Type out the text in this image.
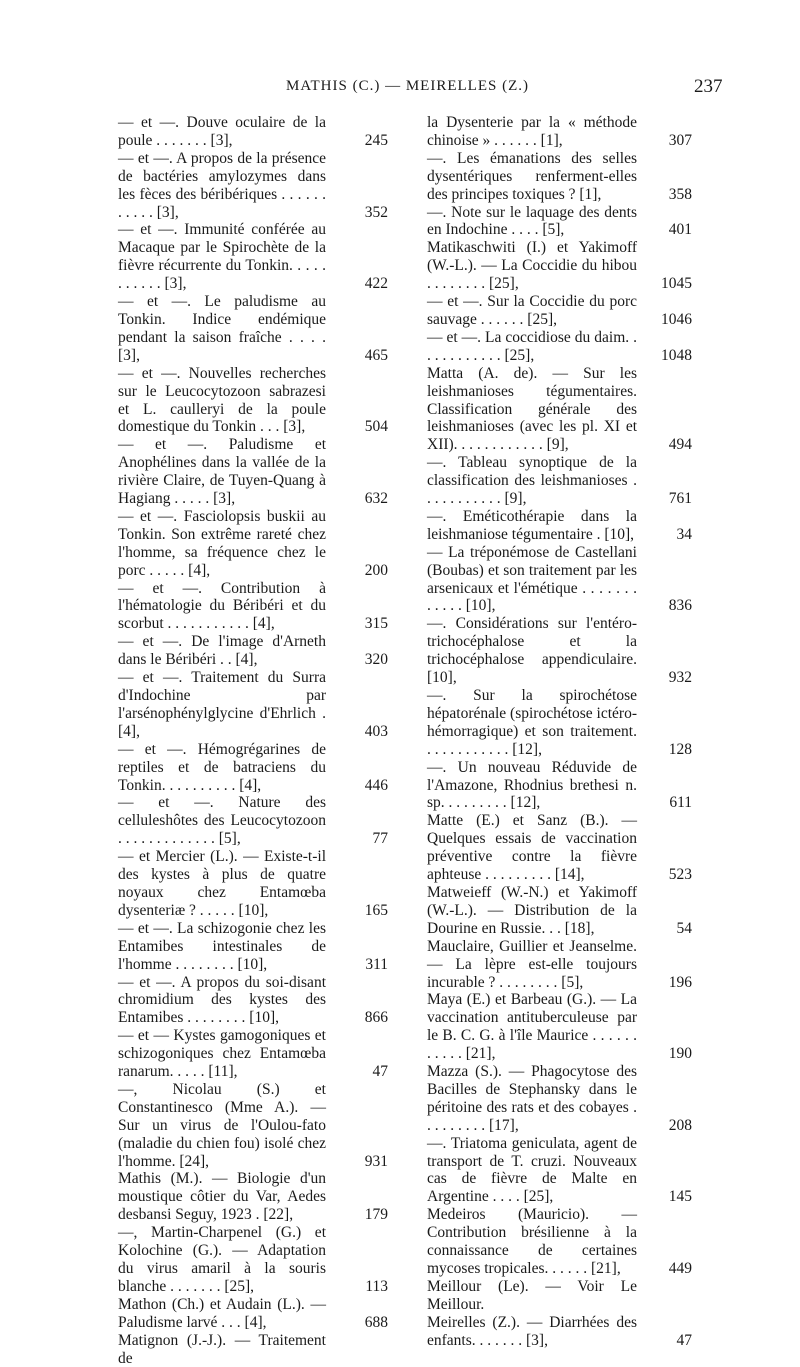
MATHIS (C.) — MEIRELLES (Z.)	237
— et —. Douve oculaire de la poule . . . . . . . [3],	245
— et —. A propos de la présence de bactéries amylozymes dans les fèces des béribériques . . . . . . . . . . . [3],	352
— et —. Immunité conférée au Macaque par le Spirochète de la fièvre récurrente du Tonkin. . . . . . . . . . . [3],	422
— et —. Le paludisme au Tonkin. Indice endémique pendant la saison fraîche . . . . [3],	465
— et —. Nouvelles recherches sur le Leucocytozoon sabrazesi et L. caulleryi de la poule domestique du Tonkin . . . [3],	504
— et —. Paludisme et Anophélines dans la vallée de la rivière Claire, de Tuyen-Quang à Hagiang . . . . . [3],	632
— et —. Fasciolopsis buskii au Tonkin. Son extrême rareté chez l'homme, sa fréquence chez le porc . . . . . [4],	200
— et —. Contribution à l'hématologie du Béribéri et du scorbut . . . . . . . . . . . [4],	315
— et —. De l'image d'Arneth dans le Béribéri . . [4],	320
— et —. Traitement du Surra d'Indochine par l'arsénophénylglycine d'Ehrlich . [4],	403
— et —. Hémogrégarines de reptiles et de batraciens du Tonkin. . . . . . . . . . [4],	446
— et —. Nature des celluleshôtes des Leucocytozoon . . . . . . . . . . . . . [5],	77
— et Mercier (L.). — Existe-t-il des kystes à plus de quatre noyaux chez Entamœba dysenteriæ ? . . . . . [10],	165
— et —. La schizogonie chez les Entamibes intestinales de l'homme . . . . . . . . [10],	311
— et —. A propos du soi-disant chromidium des kystes des Entamibes . . . . . . . . [10],	866
— et — Kystes gamogoniques et schizogoniques chez Entamœba ranarum. . . . . [11],	47
—, Nicolau (S.) et Constantinesco (Mme A.). — Sur un virus de l'Oulou-fato (maladie du chien fou) isolé chez l'homme. [24],	931
Mathis (M.). — Biologie d'un moustique côtier du Var, Aedes desbansi Seguy, 1923 . [22],	179
—, Martin-Charpenel (G.) et Kolochine (G.). — Adaptation du virus amaril à la souris blanche . . . . . . . [25],	113
Mathon (Ch.) et Audain (L.). — Paludisme larvé . . . [4],	688
Matignon (J.-J.). — Traitement de
la Dysenterie par la « méthode chinoise » . . . . . . [1],	307
—. Les émanations des selles dysentériques renferment-elles des principes toxiques ? [1],	358
—. Note sur le laquage des dents en Indochine . . . . [5],	401
Matikaschwiti (I.) et Yakimoff (W.-L.). — La Coccidie du hibou . . . . . . . . [25],	1045
— et —. Sur la Coccidie du porc sauvage . . . . . . [25],	1046
— et —. La coccidiose du daim. . . . . . . . . . . . [25],	1048
Matta (A. de). — Sur les leishmanioses tégumentaires. Classification générale des leishmanioses (avec les pl. XI et XII). . . . . . . . . . . . [9],	494
—. Tableau synoptique de la classification des leishmanioses . . . . . . . . . . . [9],	761
—. Eméticothérapie dans la leishmaniose tégumentaire . [10],	34
— La tréponémose de Castellani (Boubas) et son traitement par les arsenicaux et l'émétique . . . . . . . . . . . . [10],	836
—. Considérations sur l'entéro-trichocéphalose et la trichocéphalose appendiculaire. [10],	932
—. Sur la spirochétose hépatorénale (spirochétose ictéro-hémorragique) et son traitement. . . . . . . . . . . . [12],	128
—. Un nouveau Réduvide de l'Amazone, Rhodnius brethesi n. sp. . . . . . . . . [12],	611
Matte (E.) et Sanz (B.). — Quelques essais de vaccination préventive contre la fièvre aphteuse . . . . . . . . . [14],	523
Matweieff (W.-N.) et Yakimoff (W.-L.). — Distribution de la Dourine en Russie. . . [18],	54
Mauclaire, Guillier et Jeanselme. — La lèpre est-elle toujours incurable ? . . . . . . . . [5],	196
Maya (E.) et Barbeau (G.). — La vaccination antituberculeuse par le B. C. G. à l'île Maurice . . . . . . . . . . . [21],	190
Mazza (S.). — Phagocytose des Bacilles de Stephansky dans le péritoine des rats et des cobayes . . . . . . . . . [17],	208
—. Triatoma geniculata, agent de transport de T. cruzi. Nouveaux cas de fièvre de Malte en Argentine . . . . [25],	145
Medeiros (Mauricio). — Contribution brésilienne à la connaissance de certaines mycoses tropicales. . . . . . [21],	449
Meillour (Le). — Voir Le Meillour.
Meirelles (Z.). — Diarrhées des enfants. . . . . . . [3],	47
